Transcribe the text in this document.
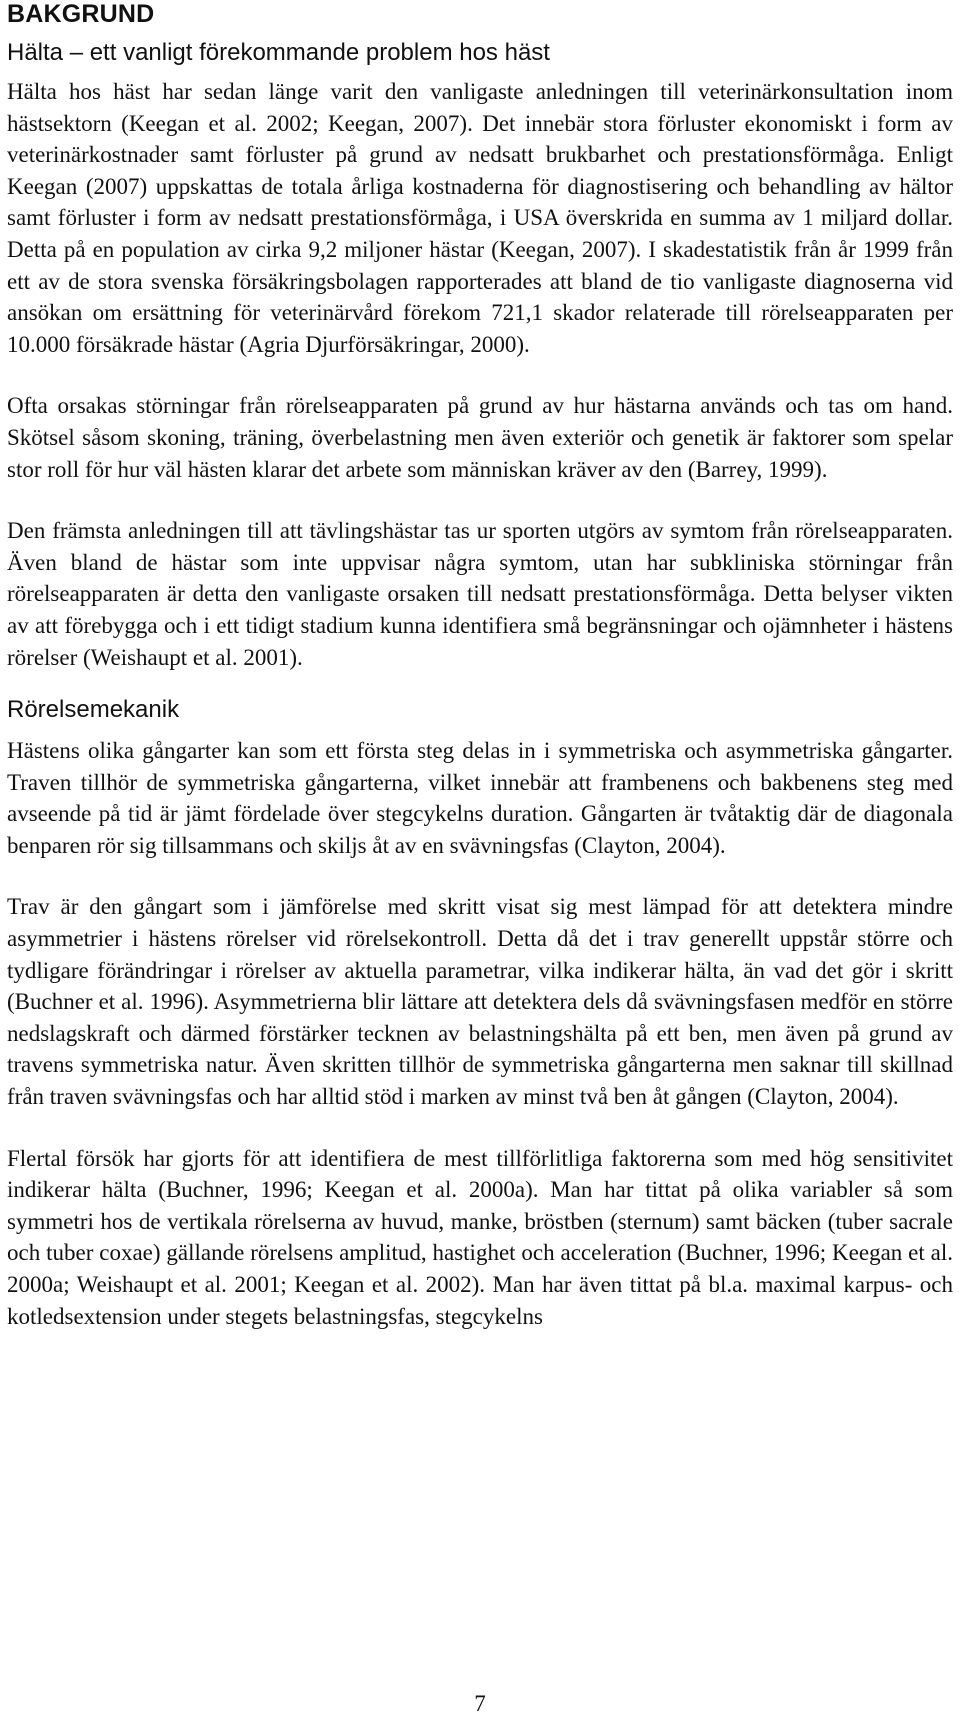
BAKGRUND
Hälta – ett vanligt förekommande problem hos häst

Hälta hos häst har sedan länge varit den vanligaste anledningen till veterinärkonsultation inom hästsektorn (Keegan et al. 2002; Keegan, 2007). Det innebär stora förluster ekonomiskt i form av veterinärkostnader samt förluster på grund av nedsatt brukbarhet och prestationsförmåga. Enligt Keegan (2007) uppskattas de totala årliga kostnaderna för diagnostisering och behandling av hältor samt förluster i form av nedsatt prestationsförmåga, i USA överskrida en summa av 1 miljard dollar. Detta på en population av cirka 9,2 miljoner hästar (Keegan, 2007). I skadestatistik från år 1999 från ett av de stora svenska försäkringsbolagen rapporterades att bland de tio vanligaste diagnoserna vid ansökan om ersättning för veterinärvård förekom 721,1 skador relaterade till rörelseapparaten per 10.000 försäkrade hästar (Agria Djurförsäkringar, 2000).

Ofta orsakas störningar från rörelseapparaten på grund av hur hästarna används och tas om hand. Skötsel såsom skoning, träning, överbelastning men även exteriör och genetik är faktorer som spelar stor roll för hur väl hästen klarar det arbete som människan kräver av den (Barrey, 1999).

Den främsta anledningen till att tävlingshästar tas ur sporten utgörs av symtom från rörelseapparaten. Även bland de hästar som inte uppvisar några symtom, utan har subkliniska störningar från rörelseapparaten är detta den vanligaste orsaken till nedsatt prestationsförmåga. Detta belyser vikten av att förebygga och i ett tidigt stadium kunna identifiera små begränsningar och ojämnheter i hästens rörelser (Weishaupt et al. 2001).

Rörelsemekanik

Hästens olika gångarter kan som ett första steg delas in i symmetriska och asymmetriska gångarter. Traven tillhör de symmetriska gångarterna, vilket innebär att frambenens och bakbenens steg med avseende på tid är jämt fördelade över stegcykelns duration. Gångarten är tvåtaktig där de diagonala benparen rör sig tillsammans och skiljs åt av en svävningsfas (Clayton, 2004).

Trav är den gångart som i jämförelse med skritt visat sig mest lämpad för att detektera mindre asymmetrier i hästens rörelser vid rörelsekontroll. Detta då det i trav generellt uppstår större och tydligare förändringar i rörelser av aktuella parametrar, vilka indikerar hälta, än vad det gör i skritt (Buchner et al. 1996). Asymmetrierna blir lättare att detektera dels då svävningsfasen medför en större nedslagskraft och därmed förstärker tecknen av belastningshälta på ett ben, men även på grund av travens symmetriska natur. Även skritten tillhör de symmetriska gångarterna men saknar till skillnad från traven svävningsfas och har alltid stöd i marken av minst två ben åt gången (Clayton, 2004).

Flertal försök har gjorts för att identifiera de mest tillförlitliga faktorerna som med hög sensitivitet indikerar hälta (Buchner, 1996; Keegan et al. 2000a). Man har tittat på olika variabler så som symmetri hos de vertikala rörelserna av huvud, manke, bröstben (sternum) samt bäcken (tuber sacrale och tuber coxae) gällande rörelsens amplitud, hastighet och acceleration (Buchner, 1996; Keegan et al. 2000a; Weishaupt et al. 2001; Keegan et al. 2002). Man har även tittat på bl.a. maximal karpus- och kotledsextension under stegets belastningsfas, stegcykelns

7
